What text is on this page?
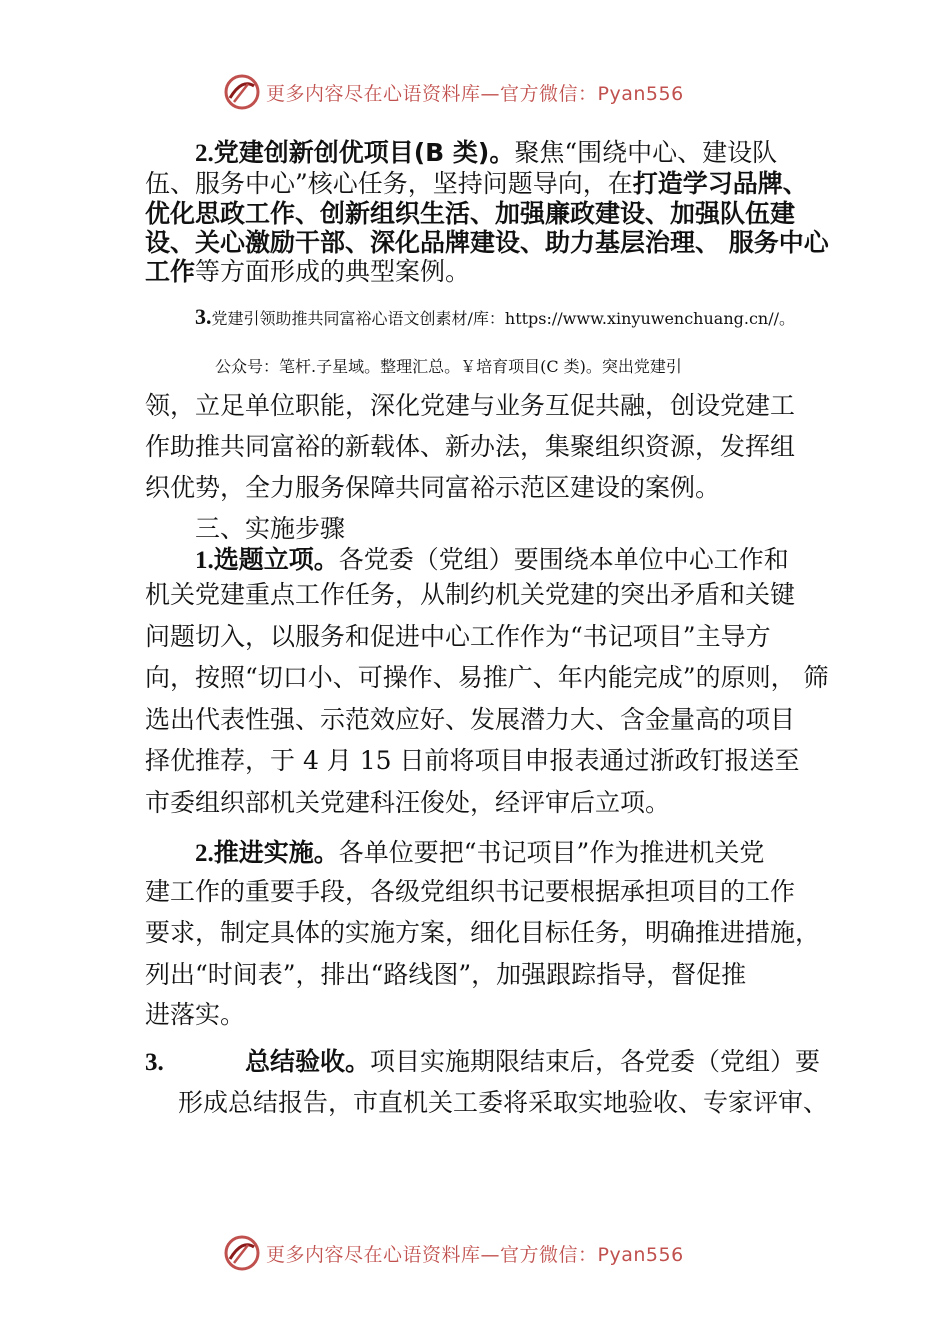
更多内容尽在心语资料库—官方微信：Pyan556
2.党建创新创优项目(B 类)。聚焦“围绕中心、建设队
伍、服务中心”核心任务，坚持问题导向，在打造学习品牌、
优化思政工作、创新组织生活、加强廉政建设、加强队伍建
设、关心激励干部、深化品牌建设、助力基层治理、 服务中心
工作等方面形成的典型案例。
3.党建引领助推共同富裕心语文创素材/库：https://www.xinyuwenchuang.cn//。
公众号：笔杆.子星域。整理汇总。￥培育项目(C 类)。突出党建引
领，立足单位职能，深化党建与业务互促共融，创设党建工
作助推共同富裕的新载体、新办法，集聚组织资源，发挥组
织优势，全力服务保障共同富裕示范区建设的案例。
三、实施步骤
1.选题立项。各党委（党组）要围绕本单位中心工作和
机关党建重点工作任务，从制约机关党建的突出矛盾和关键
问题切入，以服务和促进中心工作作为“书记项目”主导方
向，按照“切口小、可操作、易推广、年内能完成”的原则， 筛
选出代表性强、示范效应好、发展潜力大、含金量高的项目
择优推荐，于 4 月 15 日前将项目申报表通过浙政钉报送至
市委组织部机关党建科汪俊处，经评审后立项。
2.推进实施。各单位要把“书记项目”作为推进机关党
建工作的重要手段，各级党组织书记要根据承担项目的工作
要求，制定具体的实施方案，细化目标任务，明确推进措施，
列出“时间表”，排出“路线图”，加强跟踪指导，督促推
进落实。
3.	总结验收。项目实施期限结束后，各党委（党组）要
形成总结报告，市直机关工委将采取实地验收、专家评审、
更多内容尽在心语资料库—官方微信：Pyan556
